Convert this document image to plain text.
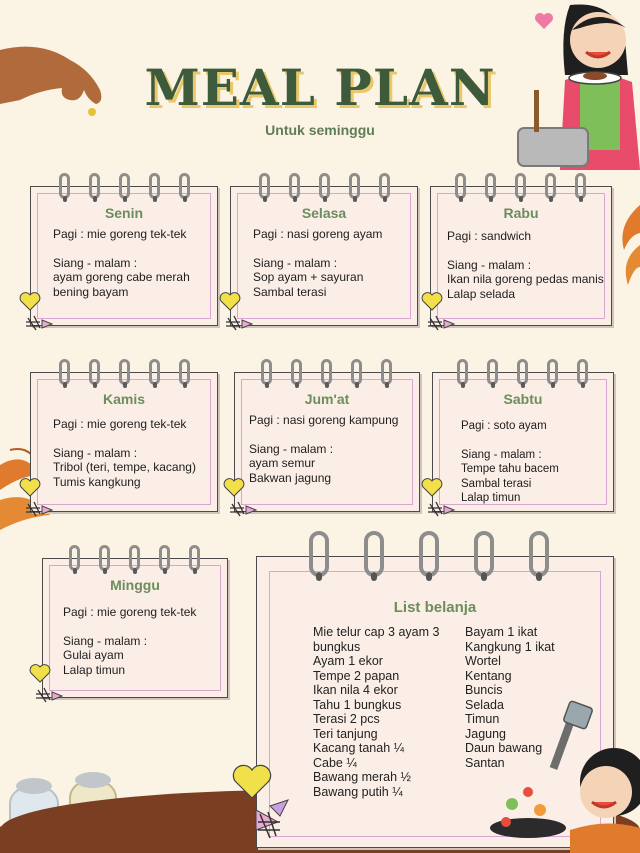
MEAL PLAN
Untuk seminggu
Senin
Pagi : mie goreng tek-tek
Siang - malam :
ayam goreng cabe merah
bening bayam
Selasa
Pagi : nasi goreng ayam
Siang - malam :
Sop ayam + sayuran
Sambal terasi
Rabu
Pagi : sandwich
Siang - malam :
Ikan nila goreng pedas manis
Lalap selada
Kamis
Pagi : mie goreng tek-tek
Siang - malam :
Tribol (teri, tempe, kacang)
Tumis kangkung
Jum'at
Pagi : nasi goreng kampung
Siang - malam :
ayam semur
Bakwan jagung
Sabtu
Pagi : soto ayam
Siang - malam :
Tempe tahu bacem
Sambal terasi
Lalap timun
Minggu
Pagi : mie goreng tek-tek
Siang - malam :
Gulai ayam
Lalap timun
List belanja
Mie telur cap 3 ayam 3
bungkus
Ayam 1 ekor
Tempe 2 papan
Ikan nila 4 ekor
Tahu 1 bungkus
Terasi 2 pcs
Teri tanjung
Kacang tanah ¼
Cabe ¼
Bawang merah ½
Bawang putih ¼
Bayam 1 ikat
Kangkung 1 ikat
Wortel
Kentang
Buncis
Selada
Timun
Jagung
Daun bawang
Santan
